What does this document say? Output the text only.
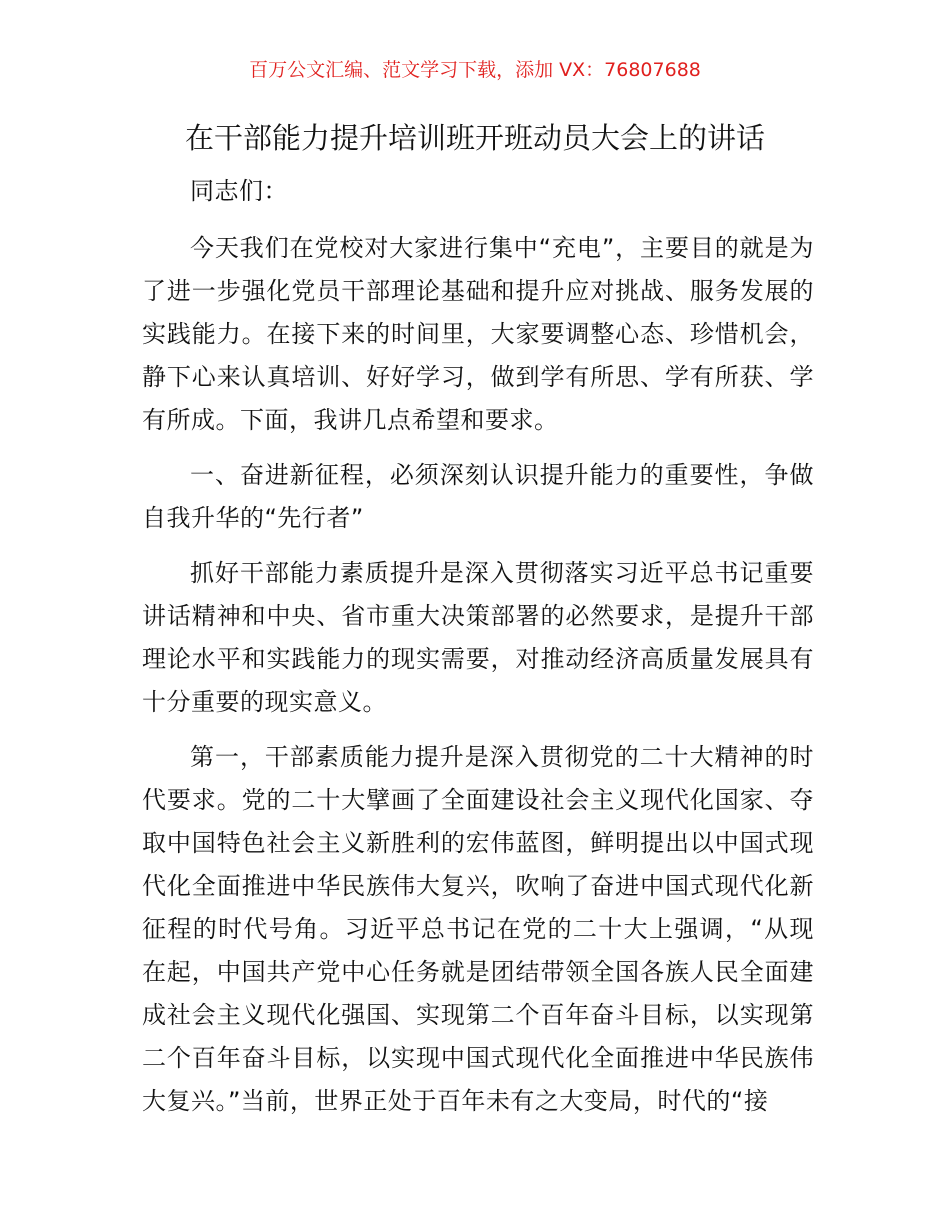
百万公文汇编、范文学习下载，添加 VX：76807688
在干部能力提升培训班开班动员大会上的讲话

同志们：

今天我们在党校对大家进行集中“充电”，主要目的就是为了进一步强化党员干部理论基础和提升应对挑战、服务发展的实践能力。在接下来的时间里，大家要调整心态、珍惜机会，静下心来认真培训、好好学习，做到学有所思、学有所获、学有所成。下面，我讲几点希望和要求。

一、奋进新征程，必须深刻认识提升能力的重要性，争做自我升华的“先行者”

抓好干部能力素质提升是深入贯彻落实习近平总书记重要讲话精神和中央、省市重大决策部署的必然要求，是提升干部理论水平和实践能力的现实需要，对推动经济高质量发展具有十分重要的现实意义。

第一，干部素质能力提升是深入贯彻党的二十大精神的时代要求。党的二十大擘画了全面建设社会主义现代化国家、夺取中国特色社会主义新胜利的宏伟蓝图，鲜明提出以中国式现代化全面推进中华民族伟大复兴，吹响了奋进中国式现代化新征程的时代号角。习近平总书记在党的二十大上强调，“从现在起，中国共产党中心任务就是团结带领全国各族人民全面建成社会主义现代化强国、实现第二个百年奋斗目标，以实现第二个百年奋斗目标，以实现中国式现代化全面推进中华民族伟大复兴。”当前，世界正处于百年未有之大变局，时代的“接
